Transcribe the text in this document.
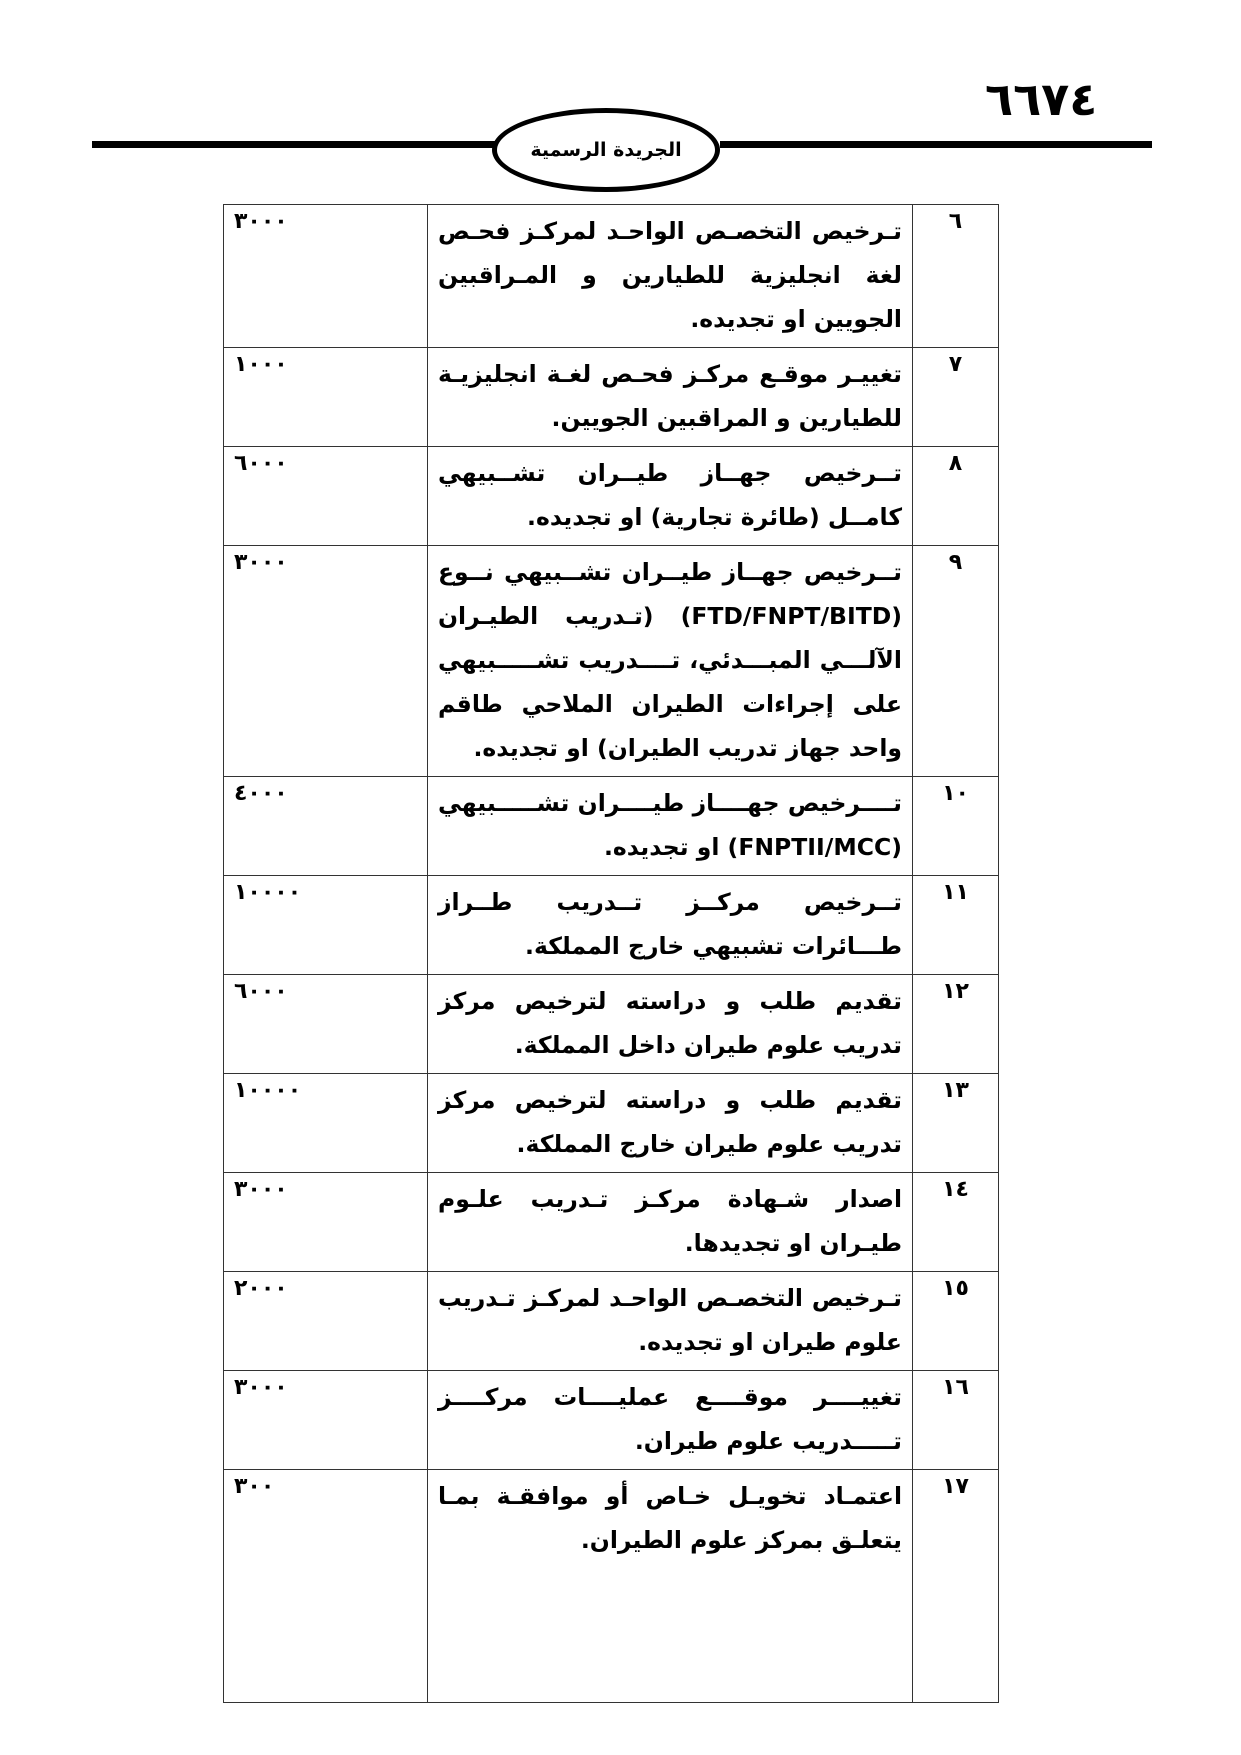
٦٦٧٤
الجريدة الرسمية
٦	تـرخيص التخصـص الواحـد لمركـز فحـص لغة انجليزية للطيارين و المـراقبين الجويين او تجديده.	٣٠٠٠
٧	تغييـر موقـع مركـز فحـص لغـة انجليزيـة للطيارين و المراقبين الجويين.	١٠٠٠
٨	تــرخيص جهــاز طيــران تشــبيهي كامــل (طائرة تجارية) او تجديده.	٦٠٠٠
٩	تــرخيص جهــاز طيــران تشــبيهي نــوع (FTD/FNPT/BITD) (تـدريب الطيـران الآلـــي المبـــدئي، تــــدريب تشـــــبيهي على إجراءات الطيران الملاحي طاقم واحد جهاز تدريب الطيران) او تجديده.	٣٠٠٠
١٠	تــــرخيص جهــــاز طيــــران تشـــــبيهي (FNPTII/MCC) او تجديده.	٤٠٠٠
١١	تــرخيص مركــز تــدريب طــراز طـــائرات تشبيهي خارج المملكة.	١٠٠٠٠
١٢	تقديم طلب و دراسته لترخيص مركز تدريب علوم طيران داخل المملكة.	٦٠٠٠
١٣	تقديم طلب و دراسته لترخيص مركز تدريب علوم طيران خارج المملكة.	١٠٠٠٠
١٤	اصدار شـهادة مركـز تـدريب علـوم طيـران او تجديدها.	٣٠٠٠
١٥	تـرخيص التخصـص الواحـد لمركـز تـدريب علوم طيران او تجديده.	٢٠٠٠
١٦	تغييــــر موقــــع عمليــــات مركــــز تـــــدريب علوم طيران.	٣٠٠٠
١٧	اعتمـاد تخويـل خـاص أو موافقـة بمـا يتعلـق بمركز علوم الطيران.	٣٠٠
